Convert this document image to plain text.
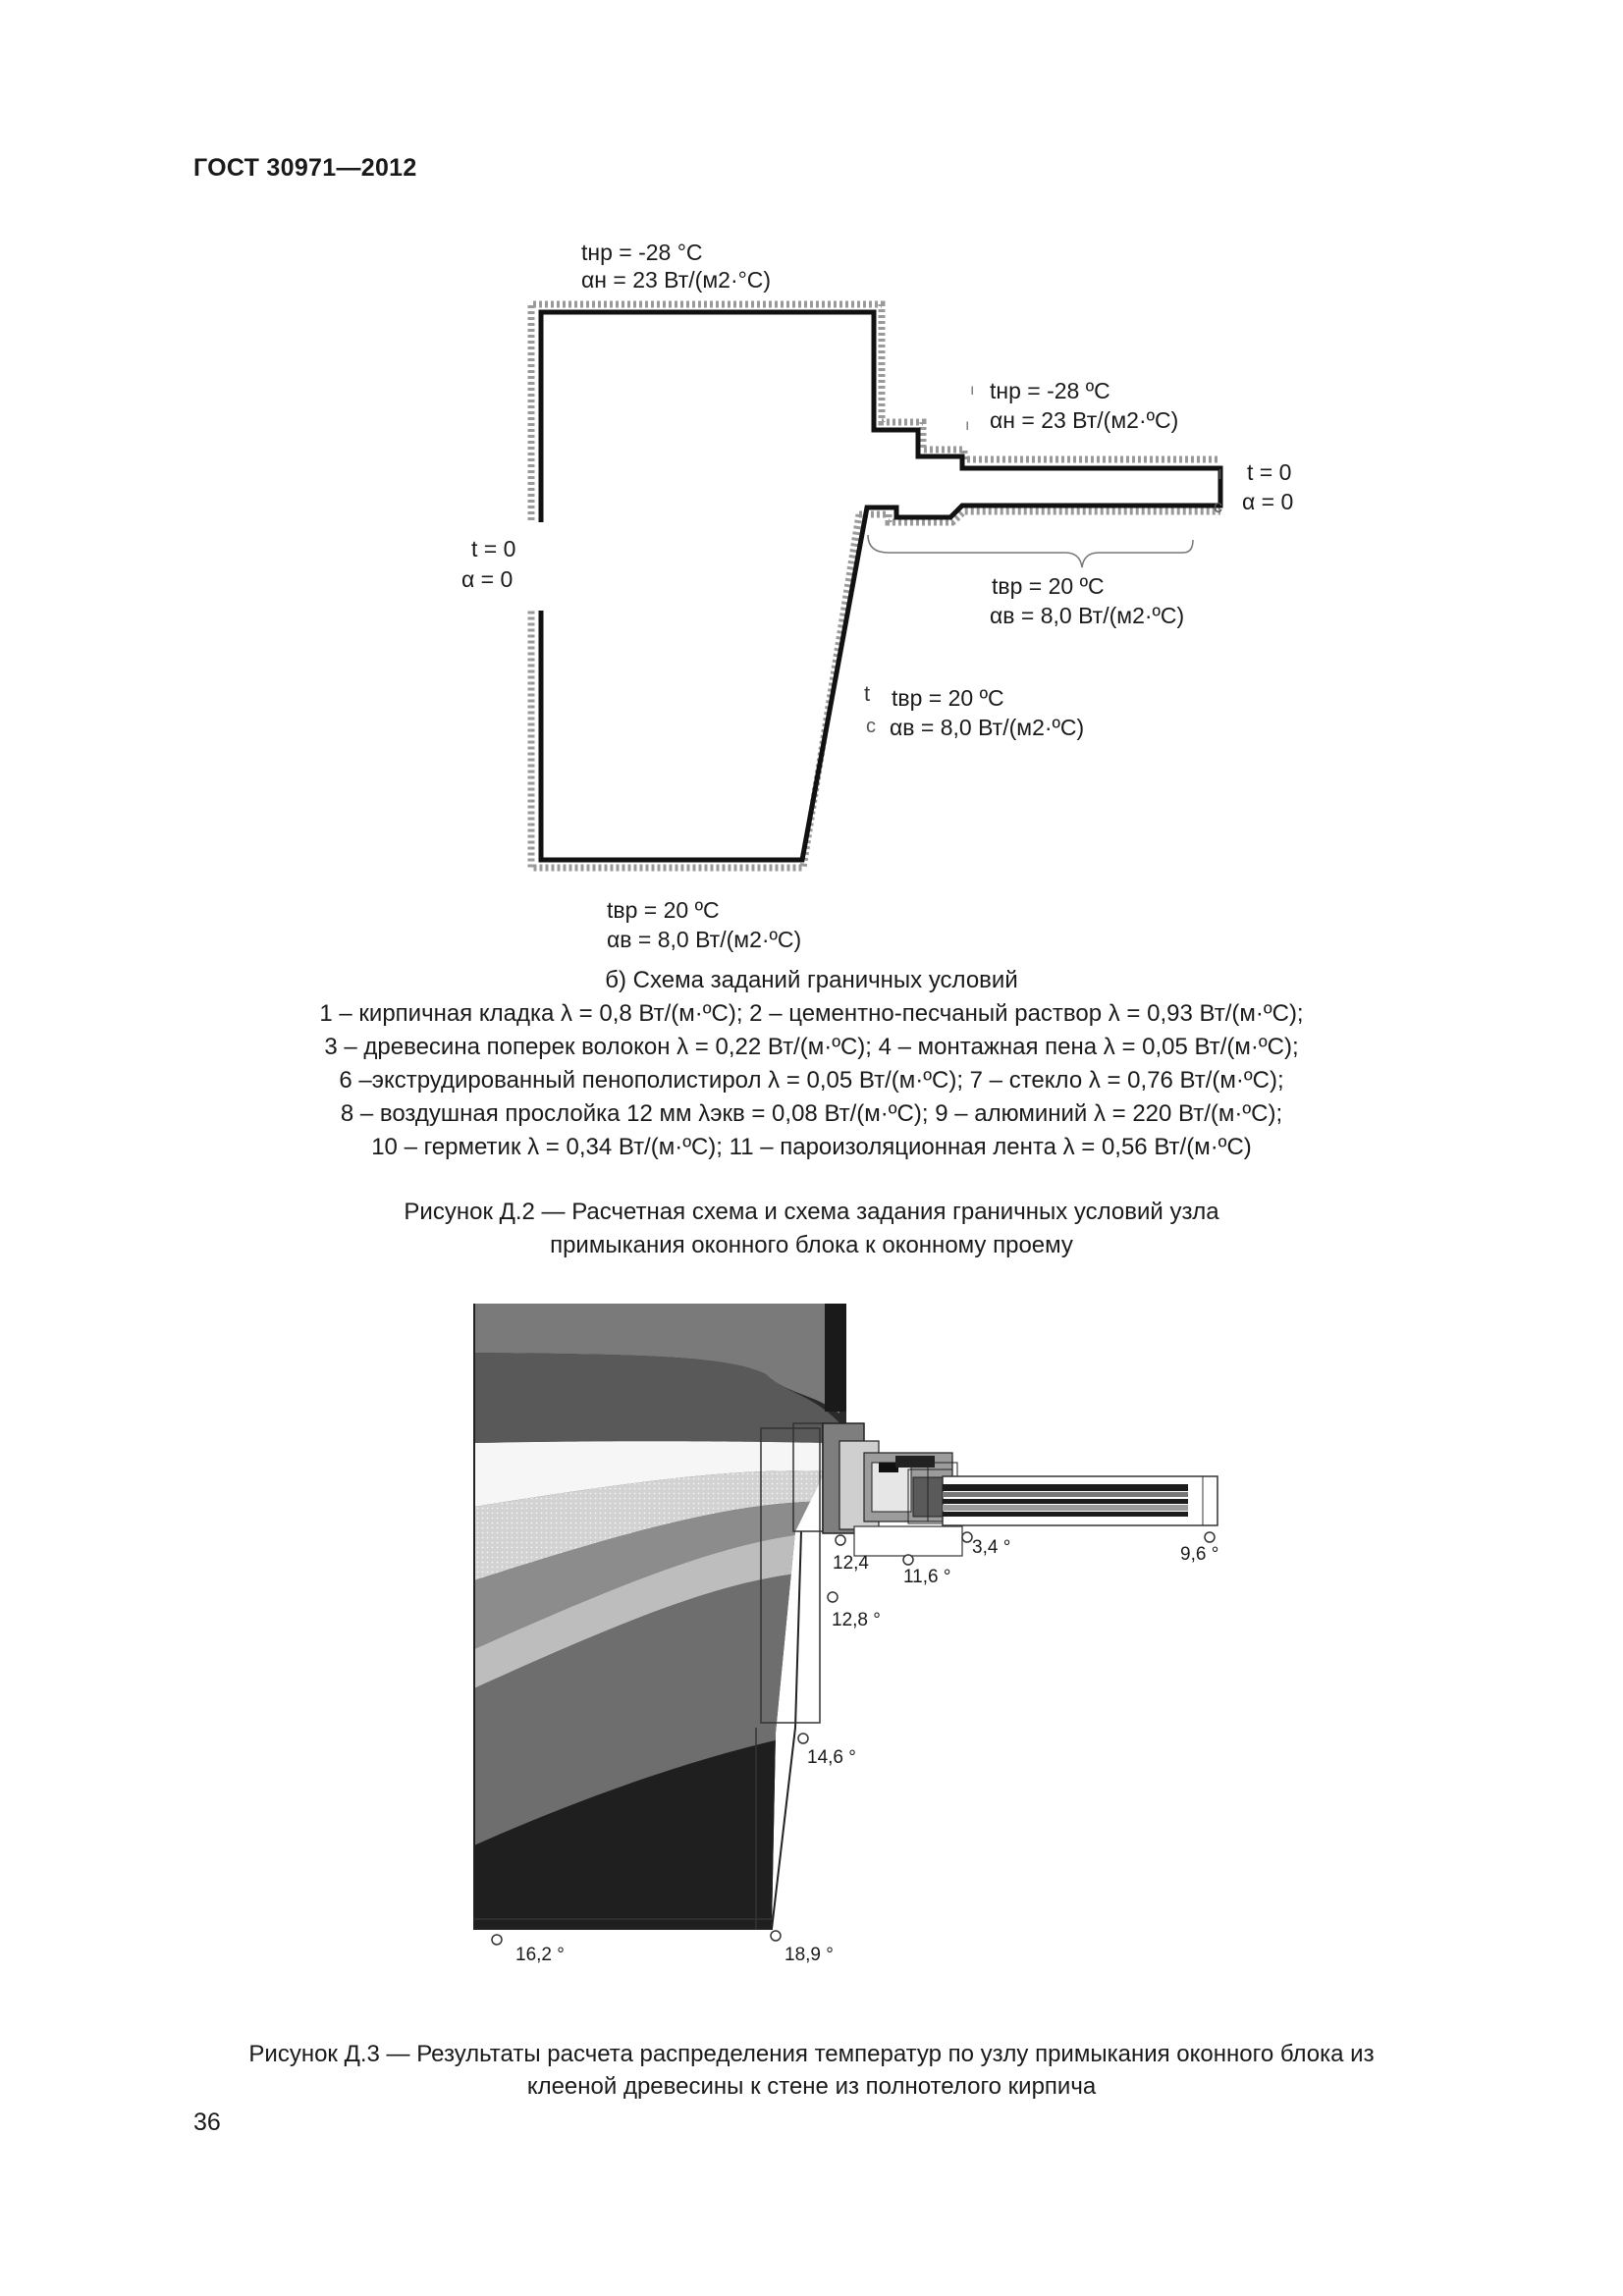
ГОСТ 30971—2012
ı
ı
ı
c
t
c
tнр = -28 °С
αн = 23 Вт/(м2·°С)
tнр = -28 ºС
αн = 23 Вт/(м2·ºС)
t = 0
α = 0
t = 0
α = 0	tвр = 20 ºС
αв = 8,0 Вт/(м2·ºС)
tвр = 20 ºС
αв = 8,0 Вт/(м2·ºС)
tвр = 20 ºС
αв = 8,0 Вт/(м2·ºС)
б) Схема заданий граничных условий
1 – кирпичная кладка λ = 0,8 Вт/(м·ºС); 2 – цементно-песчаный раствор λ = 0,93 Вт/(м·ºС);
3 – древесина поперек волокон λ = 0,22 Вт/(м·ºС); 4 – монтажная пена λ = 0,05 Вт/(м·ºС);
6 –экструдированный пенополистирол λ = 0,05 Вт/(м·ºС); 7 – стекло λ = 0,76 Вт/(м·ºС);
8 – воздушная прослойка 12 мм λэкв = 0,08 Вт/(м·ºС); 9 – алюминий λ = 220 Вт/(м·ºС);
10 – герметик λ = 0,34 Вт/(м·ºС); 11 – пароизоляционная лента λ = 0,56 Вт/(м·ºС)
Рисунок Д.2 — Расчетная схема и схема задания граничных условий узла
примыкания оконного блока к оконному проему
3,4 °	9,6 °
12,4
11,6 °
12,8 °
14,6 °
16,2 °	18,9 °
Рисунок Д.3 — Результаты расчета распределения температур по узлу примыкания оконного блока из
клееной древесины к стене из полнотелого кирпича
36
